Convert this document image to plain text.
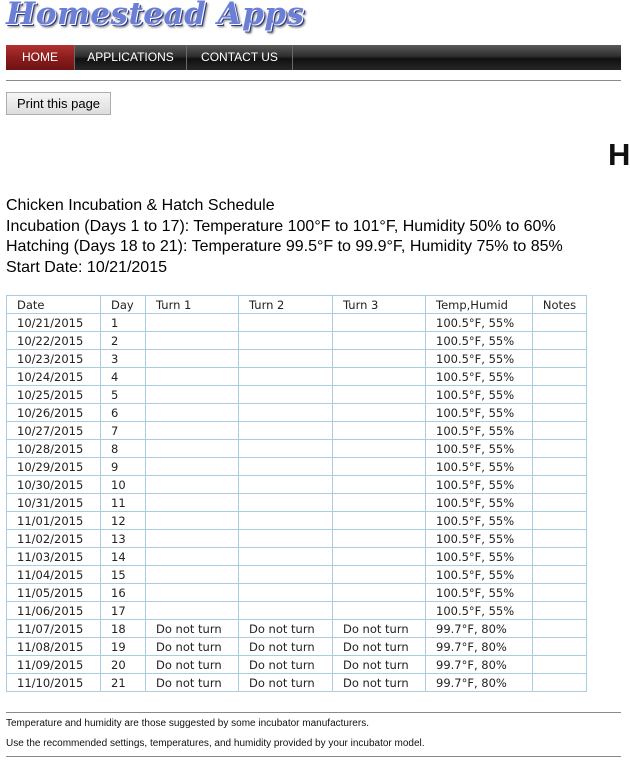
Homestead Apps
HOME	APPLICATIONS	CONTACT US
Print this page
H
Chicken Incubation & Hatch Schedule
Incubation (Days 1 to 17): Temperature 100°F to 101°F, Humidity 50% to 60%
Hatching (Days 18 to 21): Temperature 99.5°F to 99.9°F, Humidity 75% to 85%
Start Date: 10/21/2015
Date	Day	Turn 1	Turn 2	Turn 3	Temp,Humid	Notes
10/21/2015	1				100.5°F, 55%	
10/22/2015	2				100.5°F, 55%	
10/23/2015	3				100.5°F, 55%	
10/24/2015	4				100.5°F, 55%	
10/25/2015	5				100.5°F, 55%	
10/26/2015	6				100.5°F, 55%	
10/27/2015	7				100.5°F, 55%	
10/28/2015	8				100.5°F, 55%	
10/29/2015	9				100.5°F, 55%	
10/30/2015	10				100.5°F, 55%	
10/31/2015	11				100.5°F, 55%	
11/01/2015	12				100.5°F, 55%	
11/02/2015	13				100.5°F, 55%	
11/03/2015	14				100.5°F, 55%	
11/04/2015	15				100.5°F, 55%	
11/05/2015	16				100.5°F, 55%	
11/06/2015	17				100.5°F, 55%	
11/07/2015	18	Do not turn	Do not turn	Do not turn	99.7°F, 80%	
11/08/2015	19	Do not turn	Do not turn	Do not turn	99.7°F, 80%	
11/09/2015	20	Do not turn	Do not turn	Do not turn	99.7°F, 80%	
11/10/2015	21	Do not turn	Do not turn	Do not turn	99.7°F, 80%	
Temperature and humidity are those suggested by some incubator manufacturers.
Use the recommended settings, temperatures, and humidity provided by your incubator model.
